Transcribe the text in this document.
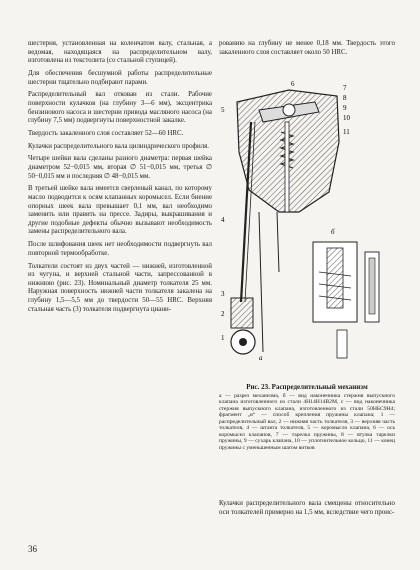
шестерня, установленная на коленчатом валу, стальная, а ведомая, находящаяся на распределительном валу, изготовлена из текстолита (со стальной ступицей).

Для обеспечения бесшумной работы распределительные шестерни тщательно подбирают парами.

Распределительный вал откован из стали. Рабочие поверхности кулачков (на глубину 3—6 мм), эксцентрика бензинового насоса и шестерни привода масляного насоса (на глубину 7,5 мм) подвергнуты поверхностной закалке.

Твердость закаленного слоя составляет 52—60 HRC.

Кулачки распределительного вала цилиндрического профиля.

Четыре шейки вала сделаны разного диаметра: первая шейка диаметром 52−0,015 мм, вторая ∅ 51−0,015 мм, третья ∅ 50−0,015 мм и последняя ∅ 48−0,015 мм.

В третьей шейке вала имеется сверленый канал, по которому масло подводится к осям клапанных коромысел. Если биение опорных шеек вала превышает 0,1 мм, вал необходимо заменить или править на прессе. Задиры, выкрашивания и другие подобные дефекты обычно вызывают необходимость замены распределительного вала.

После шлифования шеек нет необходимости подвергнуть вал повторной термообработке.

Толкатели состоят из двух частей — нижней, изготовленной из чугуна, и верхней стальной части, запрессованной в нижнюю (рис. 23). Номинальный диаметр толкателя 25 мм. Наружная поверхность нижней части толкателя закалена на глубину 1,5—5,5 мм до твердости 50—55 HRC. Верхняя стальная часть (3) толкателя подвергнута циани-

рованию на глубину не менее 0,18 мм. Твердость этого закаленного слоя составляет около 50 HRC.

6	7
8
9
10
11
1
2
3
4
5
а
б
Рис. 23. Распределительный механизм
а — разрез механизма, б — вид наконечника стержня выпускного клапана изготовленного из стали 4Н14Н14В2М, с — вид наконечника стержня выпускного клапана, изготовленного из стали 50НБС9Н4; фрагмент „в“ — способ крепления пружины клапана; 1 — распределительный вал, 2 — нижняя часть толкателя, 3 — верхняя часть толкателя, 4 — штанга толкателя, 5 — коромысло клапана, 6 — ось коромысел клапанов, 7 — тарелка пружины, 8 — втулка тарелки пружины, 9 — сухарь клапана, 10 — уплотнительное кольцо, 11 — конец пружины с уменьшенным шагом витков

Кулачки распределительного вала смещены относительно оси толкателей примерно на 1,5 мм, вследствие чего проис-

36
